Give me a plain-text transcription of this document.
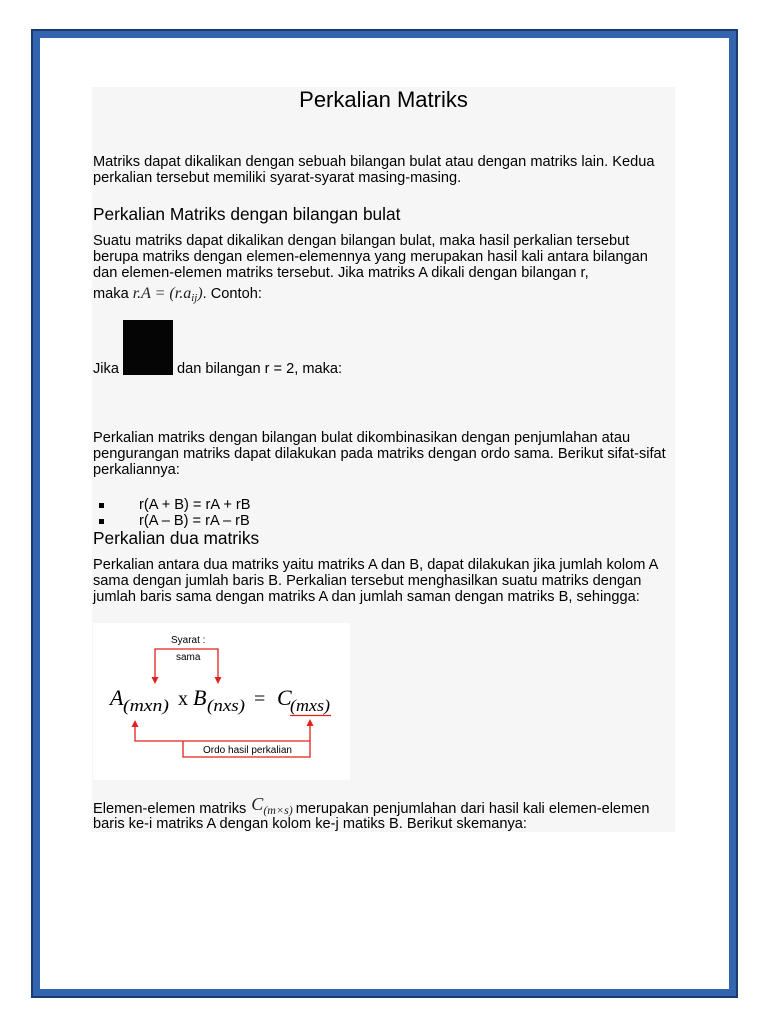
Perkalian Matriks
Matriks dapat dikalikan dengan sebuah bilangan bulat atau dengan matriks lain. Kedua
perkalian tersebut memiliki syarat-syarat masing-masing.
Perkalian Matriks dengan bilangan bulat
Suatu matriks dapat dikalikan dengan bilangan bulat, maka hasil perkalian tersebut
berupa matriks dengan elemen-elemennya yang merupakan hasil kali antara bilangan
dan elemen-elemen matriks tersebut. Jika matriks A dikali dengan bilangan r,
maka $r.A = (r.a_{ij})$. Contoh:
Jika	dan bilangan r = 2, maka:
Perkalian matriks dengan bilangan bulat dikombinasikan dengan penjumlahan atau
pengurangan matriks dapat dilakukan pada matriks dengan ordo sama. Berikut sifat-sifat
perkaliannya:
r(A + B) = rA + rB
r(A – B) = rA – rB
Perkalian dua matriks
Perkalian antara dua matriks yaitu matriks A dan B, dapat dilakukan jika jumlah kolom A
sama dengan jumlah baris B. Perkalian tersebut menghasilkan suatu matriks dengan
jumlah baris sama dengan matriks A dan jumlah saman dengan matriks B, sehingga:
Syarat :
sama
A (mxn) x B (nxs) = C
(mxs)
Ordo hasil perkalian
Elemen-elemen matriks $C_{(m\times s)}$ merupakan penjumlahan dari hasil kali elemen-elemen
baris ke-i matriks A dengan kolom ke-j matiks B. Berikut skemanya:
